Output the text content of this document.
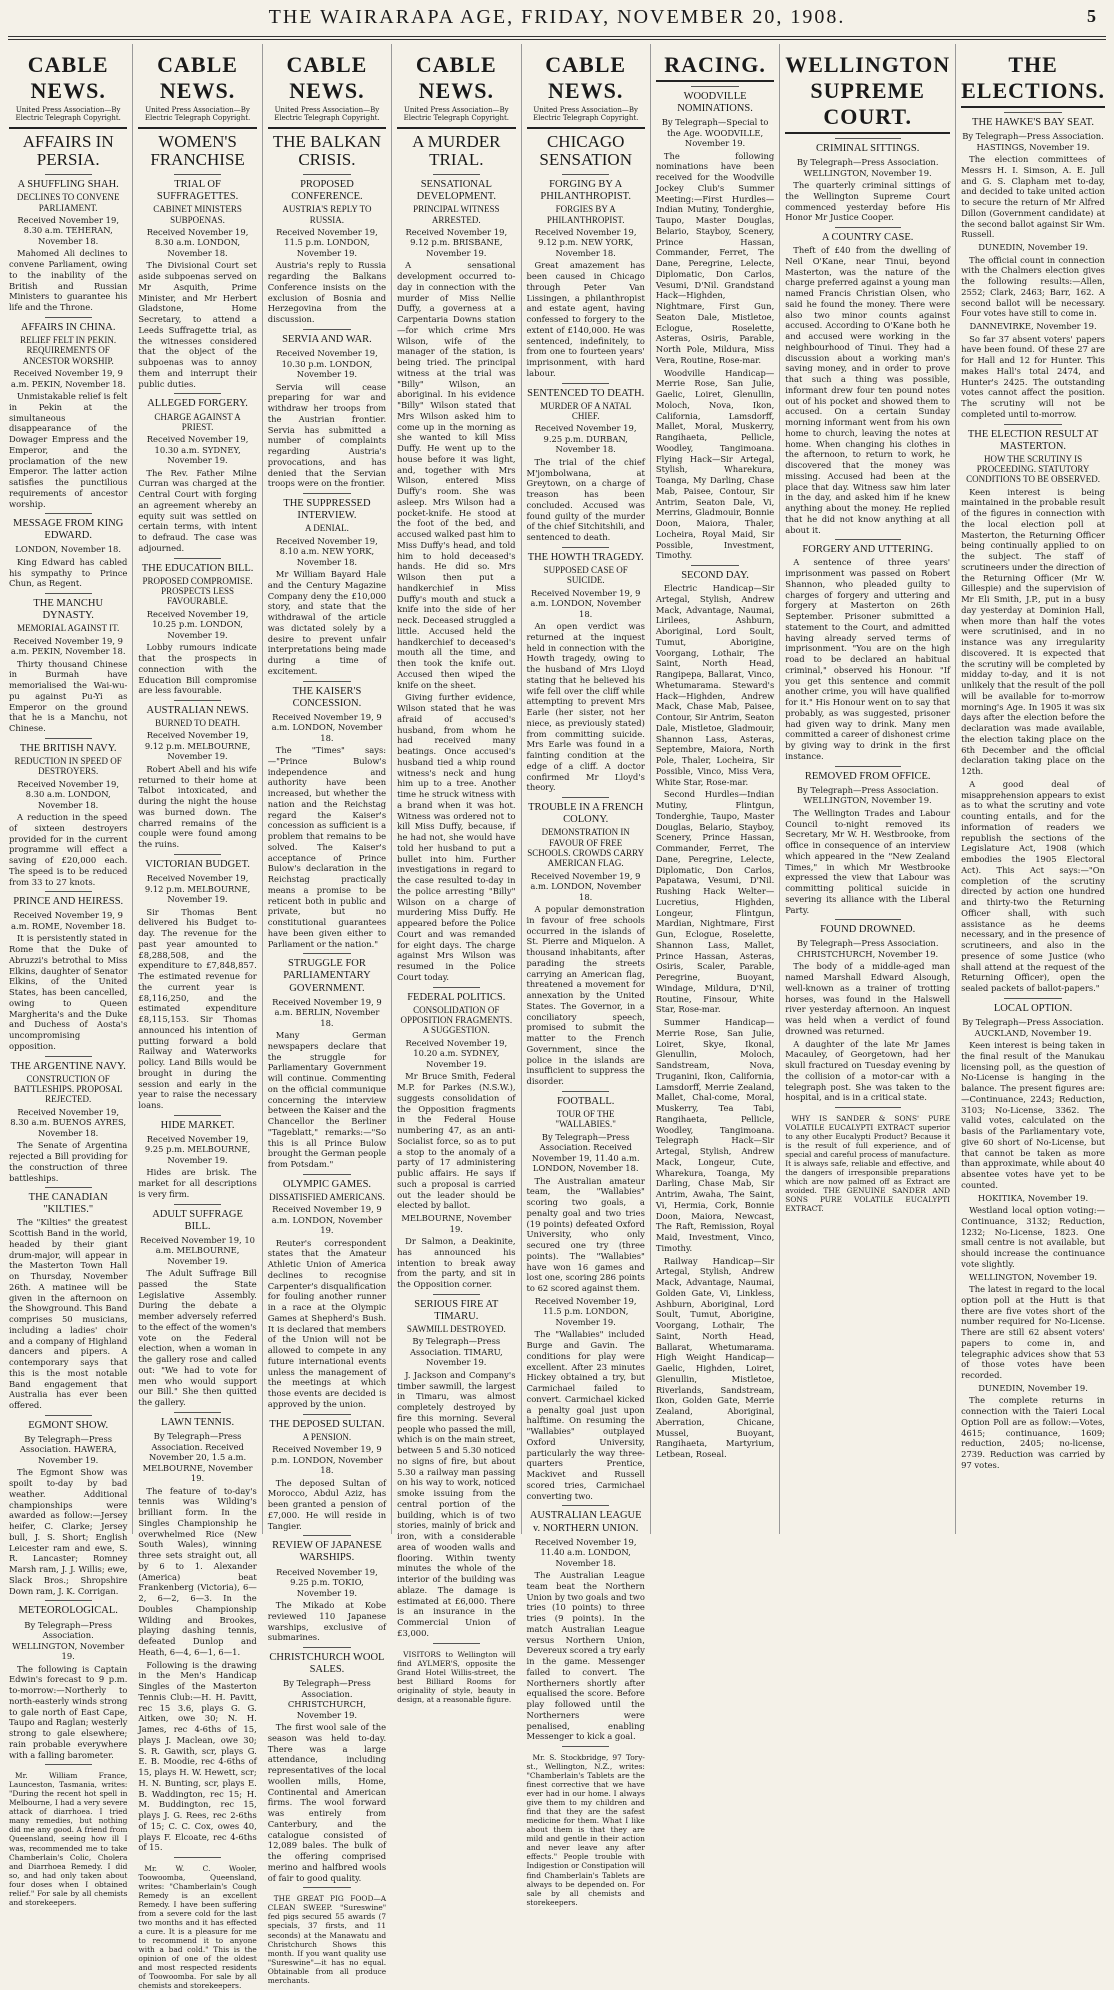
THE WAIRARAPA AGE, FRIDAY, NOVEMBER 20, 1908.	5
CABLE NEWS.
United Press Association—By Electric Telegraph Copyright.
AFFAIRS IN PERSIA.
A SHUFFLING SHAH.
DECLINES TO CONVENE PARLIAMENT.
Received November 19, 8.30 a.m. TEHERAN, November 18.

Mahomed Ali declines to convene Parliament, owing to the inability of the British and Russian Ministers to guarantee his life and the Throne.

AFFAIRS IN CHINA.
RELIEF FELT IN PEKIN. REQUIREMENTS OF ANCESTOR WORSHIP.
Received November 19, 9 a.m. PEKIN, November 18.

Unmistakable relief is felt in Pekin at the simultaneous disappearance of the Dowager Empress and the Emperor, and the proclamation of the new Emperor. The latter action satisfies the punctilious requirements of ancestor worship.

MESSAGE FROM KING EDWARD.
LONDON, November 18.

King Edward has cabled his sympathy to Prince Chun, as Regent.

THE MANCHU DYNASTY.
MEMORIAL AGAINST IT.
Received November 19, 9 a.m. PEKIN, November 18.

Thirty thousand Chinese in Burmah have memorialised the Wai-wu-pu against Pu-Yi as Emperor on the ground that he is a Manchu, not Chinese.

THE BRITISH NAVY.
REDUCTION IN SPEED OF DESTROYERS.
Received November 19, 8.30 a.m. LONDON, November 18.

A reduction in the speed of sixteen destroyers provided for in the current programme will effect a saving of £20,000 each. The speed is to be reduced from 33 to 27 knots.

PRINCE AND HEIRESS.
Received November 19, 9 a.m. ROME, November 18.

It is persistently stated in Rome that the Duke of Abruzzi's betrothal to Miss Elkins, daughter of Senator Elkins, of the United States, has been cancelled, owing to Queen Margherita's and the Duke and Duchess of Aosta's uncompromising opposition.

THE ARGENTINE NAVY.
CONSTRUCTION OF BATTLESHIPS. PROPOSAL REJECTED.
Received November 19, 8.30 a.m. BUENOS AYRES, November 18.

The Senate of Argentina rejected a Bill providing for the construction of three battleships.

THE CANADIAN "KILTIES."

The "Kilties" the greatest Scottish Band in the world, headed by their giant drum-major, will appear in the Masterton Town Hall on Thursday, November 26th. A matinee will be given in the afternoon on the Showground. This Band comprises 50 musicians, including a ladies' choir and a company of Highland dancers and pipers. A contemporary says that this is the most notable Band engagement that Australia has ever been offered.

EGMONT SHOW.
By Telegraph—Press Association. HAWERA, November 19.

The Egmont Show was spoilt to-day by bad weather. Additional championships were awarded as follow:—Jersey heifer, C. Clarke; Jersey bull, J. S. Short; English Leicester ram and ewe, S. R. Lancaster; Romney Marsh ram, J. J. Willis; ewe, Slack Bros.; Shropshire Down ram, J. K. Corrigan.

METEOROLOGICAL.
By Telegraph—Press Association. WELLINGTON, November 19.

The following is Captain Edwin's forecast to 9 p.m. to-morrow:—Northerly to north-easterly winds strong to gale north of East Cape, Taupo and Raglan; westerly strong to gale elsewhere; rain probable everywhere with a falling barometer.

Mr. William France, Launceston, Tasmania, writes: "During the recent hot spell in Melbourne, I had a very severe attack of diarrhoea. I tried many remedies, but nothing did me any good. A friend from Queensland, seeing how ill I was, recommended me to take Chamberlain's Colic, Cholera and Diarrhoea Remedy. I did so, and had only taken about four doses when I obtained relief." For sale by all chemists and storekeepers.

CABLE NEWS.
United Press Association—By Electric Telegraph Copyright.
WOMEN'S FRANCHISE
TRIAL OF SUFFRAGETTES.
CABINET MINISTERS SUBPOENAS.
Received November 19, 8.30 a.m. LONDON, November 18.

The Divisional Court set aside subpoenas served on Mr Asquith, Prime Minister, and Mr Herbert Gladstone, Home Secretary, to attend a Leeds Suffragette trial, as the witnesses considered that the object of the subpoenas was to annoy them and interrupt their public duties.

ALLEGED FORGERY.
CHARGE AGAINST A PRIEST.
Received November 19, 10.30 a.m. SYDNEY, November 19.

The Rev. Father Milne Curran was charged at the Central Court with forging an agreement whereby an equity suit was settled on certain terms, with intent to defraud. The case was adjourned.

THE EDUCATION BILL.
PROPOSED COMPROMISE. PROSPECTS LESS FAVOURABLE.
Received November 19, 10.25 p.m. LONDON, November 19.

Lobby rumours indicate that the prospects in connection with the Education Bill compromise are less favourable.

AUSTRALIAN NEWS.
BURNED TO DEATH.
Received November 19, 9.12 p.m. MELBOURNE, November 19.

Robert Abell and his wife returned to their home at Talbot intoxicated, and during the night the house was burned down. The charred remains of the couple were found among the ruins.

VICTORIAN BUDGET.
Received November 19, 9.12 p.m. MELBOURNE, November 19.

Sir Thomas Bent delivered his Budget to-day. The revenue for the past year amounted to £8,288,508, and the expenditure to £7,848,857. The estimated revenue for the current year is £8,116,250, and the estimated expenditure £8,115,153. Sir Thomas announced his intention of putting forward a bold Railway and Waterworks policy. Land Bills would be brought in during the session and early in the year to raise the necessary loans.

HIDE MARKET.
Received November 19, 9.25 p.m. MELBOURNE, November 19.

Hides are brisk. The market for all descriptions is very firm.

ADULT SUFFRAGE BILL.
Received November 19, 10 a.m. MELBOURNE, November 19.

The Adult Suffrage Bill passed the State Legislative Assembly. During the debate a member adversely referred to the effect of the women's vote on the Federal election, when a woman in the gallery rose and called out: "We had to vote for men who would support our Bill." She then quitted the gallery.

LAWN TENNIS.
By Telegraph—Press Association. Received November 20, 1.5 a.m. MELBOURNE, November 19.

The feature of to-day's tennis was Wilding's brilliant form. In the Singles Championship he overwhelmed Rice (New South Wales), winning three sets straight out, all by 6 to 1. Alexander (America) beat Frankenberg (Victoria), 6—2, 6—2, 6—3. In the Doubles Championship Wilding and Brookes, playing dashing tennis, defeated Dunlop and Heath, 6—4, 6—1, 6—1.

Following is the drawing in the Men's Handicap Singles of the Masterton Tennis Club:—H. H. Pavitt, rec 15 3.6, plays G. G. Aitken, owe 30; N. H. James, rec 4-6ths of 15, plays J. Maclean, owe 30; S. R. Gawith, scr, plays G. E. B. Moodie, rec 4-6ths of 15, plays H. W. Hewett, scr; H. N. Bunting, scr, plays E. B. Waddington, rec 15; H. M. Buddington, rec 15, plays J. G. Rees, rec 2-6ths of 15; C. C. Cox, owes 40, plays F. Elcoate, rec 4-6ths of 15.

Mr. W. C. Wooler, Toowoomba, Queensland, writes: "Chamberlain's Cough Remedy is an excellent Remedy. I have been suffering from a severe cold for the last two months and it has effected a cure. It is a pleasure for me to recommend it to anyone with a bad cold." This is the opinion of one of the oldest and most respected residents of Toowoomba. For sale by all chemists and storekeepers.

CABLE NEWS.
United Press Association—By Electric Telegraph Copyright.
THE BALKAN CRISIS.
PROPOSED CONFERENCE.
AUSTRIA'S REPLY TO RUSSIA.
Received November 19, 11.5 p.m. LONDON, November 19.

Austria's reply to Russia regarding the Balkans Conference insists on the exclusion of Bosnia and Herzegovina from the discussion.

SERVIA AND WAR.
Received November 19, 10.30 p.m. LONDON, November 19.

Servia will cease preparing for war and withdraw her troops from the Austrian frontier. Servia has submitted a number of complaints regarding Austria's provocations, and has denied that the Servian troops were on the frontier.

THE SUPPRESSED INTERVIEW.
A DENIAL.
Received November 19, 8.10 a.m. NEW YORK, November 18.

Mr William Bayard Hale and the Century Magazine Company deny the £10,000 story, and state that the withdrawal of the article was dictated solely by a desire to prevent unfair interpretations being made during a time of excitement.

THE KAISER'S CONCESSION.
Received November 19, 9 a.m. LONDON, November 18.

The "Times" says:—"Prince Bulow's independence and authority have been increased, but whether the nation and the Reichstag regard the Kaiser's concession as sufficient is a problem that remains to be solved. The Kaiser's acceptance of Prince Bulow's declaration in the Reichstag practically means a promise to be reticent both in public and private, but no constitutional guarantees have been given either to Parliament or the nation."

STRUGGLE FOR PARLIAMENTARY GOVERNMENT.
Received November 19, 9 a.m. BERLIN, November 18.

Many German newspapers declare that the struggle for Parliamentary Government will continue. Commenting on the official communique concerning the interview between the Kaiser and the Chancellor the Berliner "Tageblatt," remarks:—"So this is all Prince Bulow brought the German people from Potsdam."

OLYMPIC GAMES.
DISSATISFIED AMERICANS.
Received November 19, 9 a.m. LONDON, November 19.

Reuter's correspondent states that the Amateur Athletic Union of America declines to recognise Carpenter's disqualification for fouling another runner in a race at the Olympic Games at Shepherd's Bush. It is declared that members of the Union will not be allowed to compete in any future international events unless the management of the meetings at which those events are decided is approved by the union.

THE DEPOSED SULTAN.
A PENSION.
Received November 19, 9 p.m. LONDON, November 18.

The deposed Sultan of Morocco, Abdul Aziz, has been granted a pension of £7,000. He will reside in Tangier.

REVIEW OF JAPANESE WARSHIPS.
Received November 19, 9.25 p.m. TOKIO, November 19.

The Mikado at Kobe reviewed 110 Japanese warships, exclusive of submarines.

CHRISTCHURCH WOOL SALES.
By Telegraph—Press Association. CHRISTCHURCH, November 19.

The first wool sale of the season was held to-day. There was a large attendance, including representatives of the local woollen mills, Home, Continental and American firms. The wool forward was entirely from Canterbury, and the catalogue consisted of 12,089 bales. The bulk of the offering comprised merino and halfbred wools of fair to good quality.

THE GREAT PIG FOOD—A CLEAN SWEEP. "Sureswine" fed pigs secured 55 awards (7 specials, 37 firsts, and 11 seconds) at the Manawatu and Christchurch Shows this month. If you want quality use "Sureswine"—it has no equal. Obtainable from all produce merchants.

CABLE NEWS.
United Press Association—By Electric Telegraph Copyright.
A MURDER TRIAL.
SENSATIONAL DEVELOPMENT.
PRINCIPAL WITNESS ARRESTED.
Received November 19, 9.12 p.m. BRISBANE, November 19.

A sensational development occurred to-day in connection with the murder of Miss Nellie Duffy, a governess at a Carpentaria Downs station—for which crime Mrs Wilson, wife of the manager of the station, is being tried. The principal witness at the trial was "Billy" Wilson, an aboriginal. In his evidence "Billy" Wilson stated that Mrs Wilson asked him to come up in the morning as she wanted to kill Miss Duffy. He went up to the house before it was light, and, together with Mrs Wilson, entered Miss Duffy's room. She was asleep. Mrs Wilson had a pocket-knife. He stood at the foot of the bed, and accused walked past him to Miss Duffy's head, and told him to hold deceased's hands. He did so. Mrs Wilson then put a handkerchief in Miss Duffy's mouth and stuck a knife into the side of her neck. Deceased struggled a little. Accused held the handkerchief to deceased's mouth all the time, and then took the knife out. Accused then wiped the knife on the sheet.

Giving further evidence, Wilson stated that he was afraid of accused's husband, from whom he had received many beatings. Once accused's husband tied a whip round witness's neck and hung him up to a tree. Another time he struck witness with a brand when it was hot. Witness was ordered not to kill Miss Duffy, because, if he had not, she would have told her husband to put a bullet into him. Further investigations in regard to the case resulted to-day in the police arresting "Billy" Wilson on a charge of murdering Miss Duffy. He appeared before the Police Court and was remanded for eight days. The charge against Mrs Wilson was resumed in the Police Court today.

FEDERAL POLITICS.
CONSOLIDATION OF OPPOSITION FRAGMENTS. A SUGGESTION.
Received November 19, 10.20 a.m. SYDNEY, November 19.

Mr Bruce Smith, Federal M.P. for Parkes (N.S.W.), suggests consolidation of the Opposition fragments in the Federal House numbering 47, as an anti-Socialist force, so as to put a stop to the anomaly of a party of 17 administering public affairs. He says if such a proposal is carried out the leader should be elected by ballot.

MELBOURNE, November 19.

Dr Salmon, a Deakinite, has announced his intention to break away from the party, and sit in the Opposition corner.

SERIOUS FIRE AT TIMARU.
SAWMILL DESTROYED.
By Telegraph—Press Association. TIMARU, November 19.

J. Jackson and Company's timber sawmill, the largest in Timaru, was almost completely destroyed by fire this morning. Several people who passed the mill, which is on the main street, between 5 and 5.30 noticed no signs of fire, but about 5.30 a railway man passing on his way to work, noticed smoke issuing from the central portion of the building, which is of two stories, mainly of brick and iron, with a considerable area of wooden walls and flooring. Within twenty minutes the whole of the interior of the building was ablaze. The damage is estimated at £6,000. There is an insurance in the Commercial Union of £3,000.

VISITORS to Wellington will find AYLMER'S, opposite the Grand Hotel Willis-street, the best Billiard Rooms for originality of style, beauty in design, at a reasonable figure.

CABLE NEWS.
United Press Association—By Electric Telegraph Copyright.
CHICAGO SENSATION
FORGING BY A PHILANTHROPIST.
FORGIES BY A PHILANTHROPIST.
Received November 19, 9.12 p.m. NEW YORK, November 18.

Great amazement has been caused in Chicago through Peter Van Lissingen, a philanthropist and estate agent, having confessed to forgery to the extent of £140,000. He was sentenced, indefinitely, to from one to fourteen years' imprisonment, with hard labour.

SENTENCED TO DEATH.
MURDER OF A NATAL CHIEF.
Received November 19, 9.25 p.m. DURBAN, November 18.

The trial of the chief M'jombolwana, at Greytown, on a charge of treason has been concluded. Accused was found guilty of the murder of the chief Sitchitshili, and sentenced to death.

THE HOWTH TRAGEDY.
SUPPOSED CASE OF SUICIDE.
Received November 19, 9 a.m. LONDON, November 18.

An open verdict was returned at the inquest held in connection with the Howth tragedy, owing to the husband of Mrs Lloyd stating that he believed his wife fell over the cliff while attempting to prevent Mrs Earle (her sister, not her niece, as previously stated) from committing suicide. Mrs Earle was found in a fainting condition at the edge of a cliff. A doctor confirmed Mr Lloyd's theory.

TROUBLE IN A FRENCH COLONY.
DEMONSTRATION IN FAVOUR OF FREE SCHOOLS. CROWDS CARRY AMERICAN FLAG.
Received November 19, 9 a.m. LONDON, November 18.

A popular demonstration in favour of free schools occurred in the islands of St. Pierre and Miquelon. A thousand inhabitants, after parading the streets carrying an American flag, threatened a movement for annexation by the United States. The Governor, in a conciliatory speech, promised to submit the matter to the French Government, since the police in the islands are insufficient to suppress the disorder.

FOOTBALL.
TOUR OF THE "WALLABIES."
By Telegraph—Press Association. Received November 19, 11.40 a.m. LONDON, November 18.

The Australian amateur team, the "Wallabies" scoring two goals, a penalty goal and two tries (19 points) defeated Oxford University, who only secured one try (three points). The "Wallabies" have won 16 games and lost one, scoring 286 points to 62 scored against them.

Received November 19, 11.5 p.m. LONDON, November 19.

The "Wallabies" included Burge and Gavin. The conditions for play were excellent. After 23 minutes Hickey obtained a try, but Carmichael failed to convert. Carmichael kicked a penalty goal just upon halftime. On resuming the "Wallabies" outplayed Oxford University, particularly the way three-quarters Prentice, Mackivet and Russell scored tries, Carmichael converting two.

AUSTRALIAN LEAGUE v. NORTHERN UNION.
Received November 19, 11.40 a.m. LONDON, November 18.

The Australian League team beat the Northern Union by two goals and two tries (10 points) to three tries (9 points). In the match Australian League versus Northern Union, Devereux scored a try early in the game. Messenger failed to convert. The Northerners shortly after equalised the score. Before play followed until the Northerners were penalised, enabling Messenger to kick a goal.

Mr. S. Stockbridge, 97 Tory-st., Wellington, N.Z., writes: "Chamberlain's Tablets are the finest corrective that we have ever had in our home. I always give them to my children and find that they are the safest medicine for them. What I like about them is that they are mild and gentle in their action and never leave any after effects." People trouble with Indigestion or Constipation will find Chamberlain's Tablets are always to be depended on. For sale by all chemists and storekeepers.

RACING.
WOODVILLE NOMINATIONS.
By Telegraph—Special to the Age. WOODVILLE, November 19.

The following nominations have been received for the Woodville Jockey Club's Summer Meeting:—First Hurdles—Indian Mutiny, Tonderghie, Taupo, Master Douglas, Belario, Stayboy, Scenery, Prince Hassan, Commander, Ferret, The Dane, Peregrine, Lelecte, Diplomatic, Don Carlos, Vesumi, D'Nil. Grandstand Hack—Highden, Nightmare, First Gun, Seaton Dale, Mistletoe, Eclogue, Roselette, Asteras, Osiris, Parable, North Pole, Mildura, Miss Vera, Routine, Rose-mar.

Woodville Handicap—Merrie Rose, San Julie, Gaelic, Loiret, Glenullin, Moloch, Nova, Ikon, California, Lamsdorff, Mallet, Moral, Muskerry, Rangihaeta, Pellicle, Woodley, Tangimoana. Flying Hack—Sir Artegal, Stylish, Wharekura, Toanga, My Darling, Chase Mab, Paisee, Contour, Sir Antrim, Seaton Dale, Vi, Merrins, Gladmouir, Bonnie Doon, Maiora, Thaler, Locheira, Royal Maid, Sir Possible, Investment, Timothy.

SECOND DAY.

Electric Handicap—Sir Artegal, Stylish, Andrew Mack, Advantage, Naumai, Lirilees, Ashburn, Aboriginal, Lord Soult, Tumut, Aborigine, Voorgang, Lothair, The Saint, North Head, Rangipepa, Ballarat, Vinco, Whetumarama. Steward's Hack—Highden, Andrew Mack, Chase Mab, Paisee, Contour, Sir Antrim, Seaton Dale, Mistletoe, Gladmouir, Shannon Lass, Asteras, Septembre, Maiora, North Pole, Thaler, Locheira, Sir Possible, Vinco, Miss Vera, White Star, Rose-mar.

Second Hurdles—Indian Mutiny, Flintgun, Tonderghie, Taupo, Master Douglas, Belario, Stayboy, Scenery, Prince Hassan, Commander, Ferret, The Dane, Peregrine, Lelecte, Diplomatic, Don Carlos, Papatawa, Vesumi, D'Nil. Rushing Hack Welter—Lucretius, Highden, Longeur, Flintgun, Mardian, Nightmare, First Gun, Eclogue, Roselette, Shannon Lass, Mallet, Prince Hassan, Asteras, Osiris, Scaler, Parable, Peregrine, Buoyant, Windage, Mildura, D'Nil, Routine, Finsour, White Star, Rose-mar.

Summer Handicap—Merrie Rose, San Julie, Loiret, Skye, Ikonal, Glenullin, Moloch, Sandstream, Nova, Truganini, Ikon, California, Lamsdorff, Merrie Zealand, Mallet, Chal-come, Moral, Muskerry, Tea Tabi, Rangihaeta, Pellicle, Woodley, Tangimoana. Telegraph Hack—Sir Artegal, Stylish, Andrew Mack, Longeur, Cute, Wharekura, Toanga, My Darling, Chase Mab, Sir Antrim, Awaha, The Saint, Vi, Hermia, Cork, Bonnie Doon, Maiora, Newcast, The Raft, Remission, Royal Maid, Investment, Vinco, Timothy.

Railway Handicap—Sir Artegal, Stylish, Andrew Mack, Advantage, Naumai, Golden Gate, Vi, Linkless, Ashburn, Aboriginal, Lord Soult, Tumut, Aborigine, Voorgang, Lothair, The Saint, North Head, Ballarat, Whetumarama. High Weight Handicap—Gaelic, Highden, Loiret, Glenullin, Mistletoe, Riverlands, Sandstream, Ikon, Golden Gate, Merrie Zealand, Aboriginal, Aberration, Chicane, Mussel, Buoyant, Rangihaeta, Martyrium, Letbean, Roseal.

WELLINGTON SUPREME COURT.
CRIMINAL SITTINGS.
By Telegraph—Press Association. WELLINGTON, November 19.

The quarterly criminal sittings of the Wellington Supreme Court commenced yesterday before His Honor Mr Justice Cooper.

A COUNTRY CASE.

Theft of £40 from the dwelling of Neil O'Kane, near Tinui, beyond Masterton, was the nature of the charge preferred against a young man named Francis Christian Olsen, who said he found the money. There were also two minor counts against accused. According to O'Kane both he and accused were working in the neighbourhood of Tinui. They had a discussion about a working man's saving money, and in order to prove that such a thing was possible, informant drew four ten pound notes out of his pocket and showed them to accused. On a certain Sunday morning informant went from his own home to church, leaving the notes at home. When changing his clothes in the afternoon, to return to work, he discovered that the money was missing. Accused had been at the place that day. Witness saw him later in the day, and asked him if he knew anything about the money. He replied that he did not know anything at all about it.

FORGERY AND UTTERING.

A sentence of three years' imprisonment was passed on Robert Shannon, who pleaded guilty to charges of forgery and uttering and forgery at Masterton on 26th September. Prisoner submitted a statement to the Court, and admitted having already served terms of imprisonment. "You are on the high road to be declared an habitual criminal," observed his Honour. "If you get this sentence and commit another crime, you will have qualified for it." His Honour went on to say that probably, as was suggested, prisoner had given way to drink. Many men committed a career of dishonest crime by giving way to drink in the first instance.

REMOVED FROM OFFICE.
By Telegraph—Press Association. WELLINGTON, November 19.

The Wellington Trades and Labour Council to-night removed its Secretary, Mr W. H. Westbrooke, from office in consequence of an interview which appeared in the "New Zealand Times," in which Mr Westbrooke expressed the view that Labour was committing political suicide in severing its alliance with the Liberal Party.

FOUND DROWNED.
By Telegraph—Press Association. CHRISTCHURCH, November 19.

The body of a middle-aged man named Marshall Edward Alsough, well-known as a trainer of trotting horses, was found in the Halswell river yesterday afternoon. An inquest was held when a verdict of found drowned was returned.

A daughter of the late Mr James Macauley, of Georgetown, had her skull fractured on Tuesday evening by the collision of a motor-car with a telegraph post. She was taken to the hospital, and is in a critical state.

WHY IS SANDER & SONS' PURE VOLATILE EUCALYPTI EXTRACT superior to any other Eucalypti Product? Because it is the result of full experience, and of special and careful process of manufacture. It is always safe, reliable and effective, and the dangers of irresponsible preparations which are now palmed off as Extract are avoided. THE GENUINE SANDER AND SONS PURE VOLATILE EUCALYPTI EXTRACT.

THE ELECTIONS.
THE HAWKE'S BAY SEAT.
By Telegraph—Press Association. HASTINGS, November 19.

The election committees of Messrs H. I. Simson, A. E. Jull and G. S. Clapham met to-day, and decided to take united action to secure the return of Mr Alfred Dillon (Government candidate) at the second ballot against Sir Wm. Russell.

DUNEDIN, November 19.

The official count in connection with the Chalmers election gives the following results:—Allen, 2552; Clark, 2463; Barr, 162. A second ballot will be necessary. Four votes have still to come in.

DANNEVIRKE, November 19.

So far 37 absent voters' papers have been found. Of these 27 are for Hall and 12 for Hunter. This makes Hall's total 2474, and Hunter's 2425. The outstanding votes cannot affect the position. The scrutiny will not be completed until to-morrow.

THE ELECTION RESULT AT MASTERTON.
HOW THE SCRUTINY IS PROCEEDING. STATUTORY CONDITIONS TO BE OBSERVED.

Keen interest is being maintained in the probable result of the figures in connection with the local election poll at Masterton, the Returning Officer being continually applied to on the subject. The staff of scrutineers under the direction of the Returning Officer (Mr W. Gillespie) and the supervision of Mr Eli Smith, J.P., put in a busy day yesterday at Dominion Hall, when more than half the votes were scrutinised, and in no instance was any irregularity discovered. It is expected that the scrutiny will be completed by midday to-day, and it is not unlikely that the result of the poll will be available for to-morrow morning's Age. In 1905 it was six days after the election before the declaration was made available, the election taking place on the 6th December and the official declaration taking place on the 12th.

A good deal of misapprehension appears to exist as to what the scrutiny and vote counting entails, and for the information of readers we republish the sections of the Legislature Act, 1908 (which embodies the 1905 Electoral Act). This Act says:—"On completion of the scrutiny directed by action one hundred and thirty-two the Returning Officer shall, with such assistance as he deems necessary, and in the presence of scrutineers, and also in the presence of some Justice (who shall attend at the request of the Returning Officer), open the sealed packets of ballot-papers."

LOCAL OPTION.
By Telegraph—Press Association. AUCKLAND, November 19.

Keen interest is being taken in the final result of the Manukau licensing poll, as the question of No-License is hanging in the balance. The present figures are:—Continuance, 2243; Reduction, 3103; No-License, 3362. The valid votes, calculated on the basis of the Parliamentary vote, give 60 short of No-License, but that cannot be taken as more than approximate, while about 40 absentee votes have yet to be counted.

HOKITIKA, November 19.

Westland local option voting:—Continuance, 3132; Reduction, 1232; No-License, 1823. One small centre is not available, but should increase the continuance vote slightly.

WELLINGTON, November 19.

The latest in regard to the local option poll at the Hutt is that there are five votes short of the number required for No-License. There are still 62 absent voters' papers to come in, and telegraphic advices show that 53 of those votes have been recorded.

DUNEDIN, November 19.

The complete returns in connection with the Taieri Local Option Poll are as follow:—Votes, 4615; continuance, 1609; reduction, 2405; no-license, 2739. Reduction was carried by 97 votes.
